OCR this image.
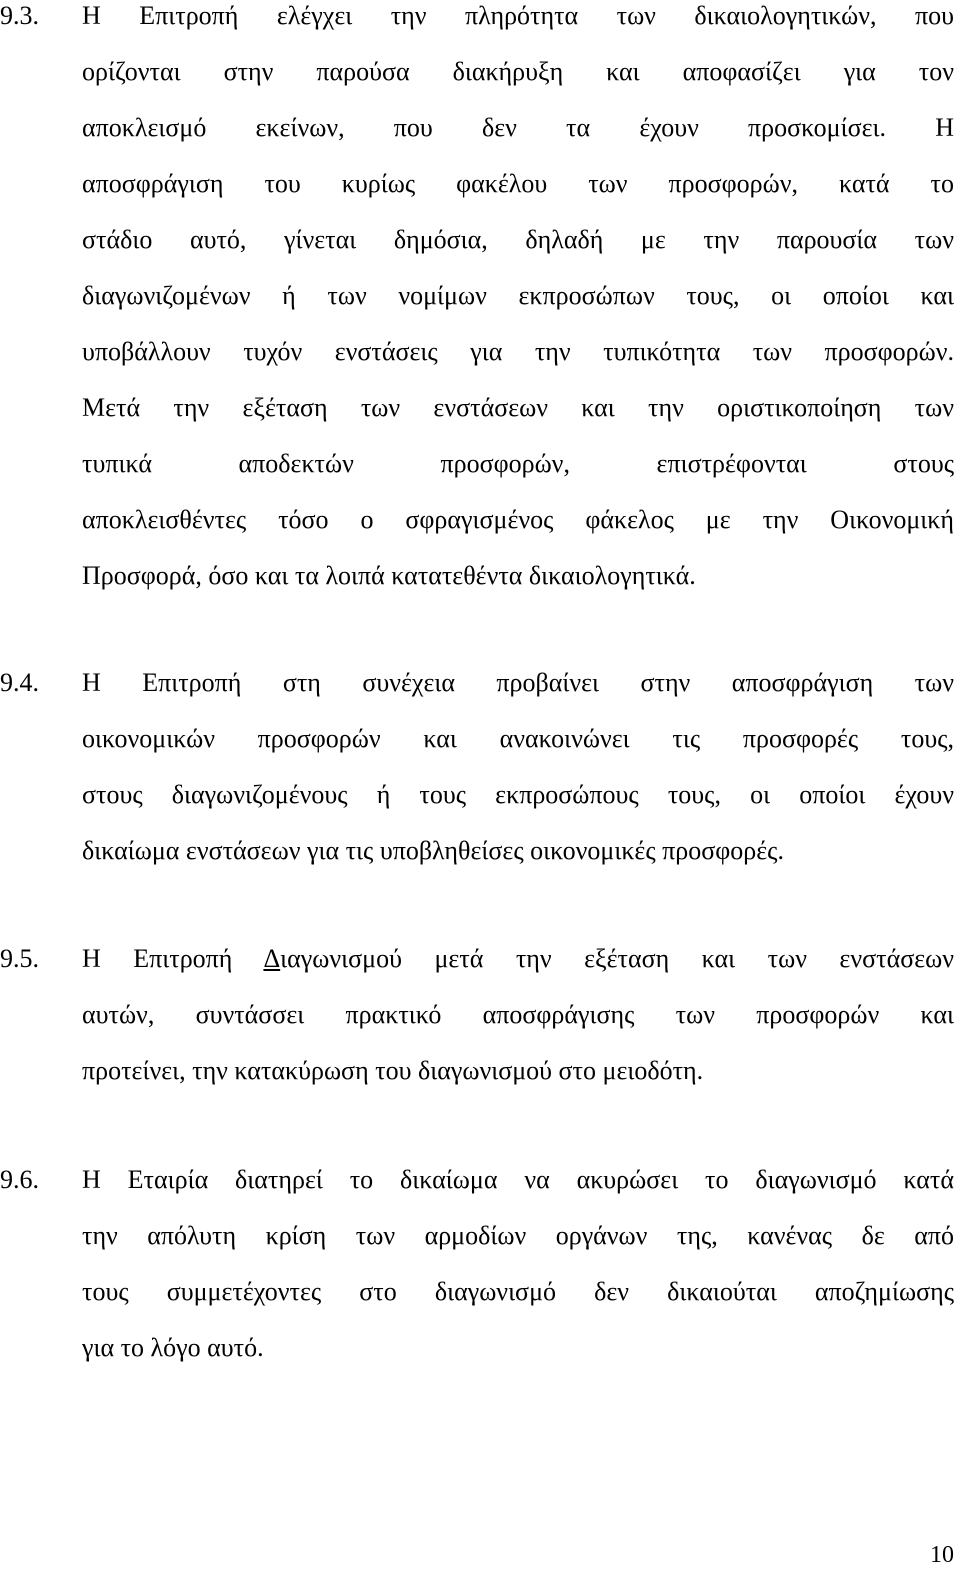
9.3. Η Επιτροπή ελέγχει την πληρότητα των δικαιολογητικών, που
ορίζονται στην παρούσα διακήρυξη και αποφασίζει για τον
αποκλεισμό εκείνων, που δεν τα έχουν προσκομίσει. Η
αποσφράγιση του κυρίως φακέλου των προσφορών, κατά το
στάδιο αυτό, γίνεται δημόσια, δηλαδή με την παρουσία των
διαγωνιζομένων ή των νομίμων εκπροσώπων τους, οι οποίοι και
υποβάλλουν τυχόν ενστάσεις για την τυπικότητα των προσφορών.
Μετά την εξέταση των ενστάσεων και την οριστικοποίηση των
τυπικά αποδεκτών προσφορών, επιστρέφονται στους
αποκλεισθέντες τόσο ο σφραγισμένος φάκελος με την Οικονομική
Προσφορά, όσο και τα λοιπά κατατεθέντα δικαιολογητικά.
9.4. Η Επιτροπή στη συνέχεια προβαίνει στην αποσφράγιση των
οικονομικών προσφορών και ανακοινώνει τις προσφορές τους,
στους διαγωνιζομένους ή τους εκπροσώπους τους, οι οποίοι έχουν
δικαίωμα ενστάσεων για τις υποβληθείσες οικονομικές προσφορές.
9.5. Η Επιτροπή Διαγωνισμού μετά την εξέταση και των ενστάσεων
αυτών, συντάσσει πρακτικό αποσφράγισης των προσφορών και
προτείνει, την κατακύρωση του διαγωνισμού στο μειοδότη.
9.6. Η Εταιρία διατηρεί το δικαίωμα να ακυρώσει το διαγωνισμό κατά
την απόλυτη κρίση των αρμοδίων οργάνων της, κανένας δε από
τους συμμετέχοντες στο διαγωνισμό δεν δικαιούται αποζημίωσης
για το λόγο αυτό.
10
